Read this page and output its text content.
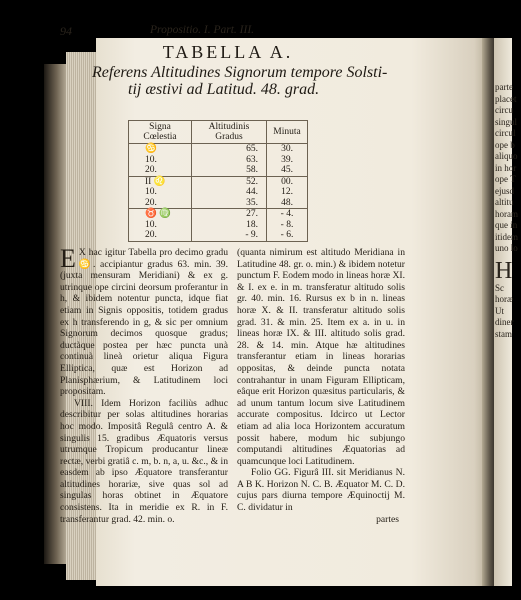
parte
placet
circu
singul
circul
ope b
aliquo
in hor
ope T
ejusd
altitu
horam
que in
itidem
uno lo
H
Sc
horæ
Ut
diner
stam
94	Propositio. I. Part. III.
TABELLA A.
Referens Altitudines Signorum tempore Solsti-
tij æstivi ad Latitud. 48. grad.
Signa Cœlestia	Altitudinis Gradus	Minuta
♋	65.	30.
10.	63.	39.
20.	58.	45.
II ♌	52.	00.
10.	44.	12.
20.	35.	48.
♉ ♍	27.	- 4.
10.	18.	- 8.
20.	- 9.	- 6.

E X hac igitur Tabella pro decimo gradu ♋. accipiantur gradus 63. min. 39. (juxta mensuram Meridiani) & ex g. utrinque ope circini deorsum proferantur in h, & ibidem notentur puncta, idque fiat etiam in Signis oppositis, totidem gradus ex h transferendo in g, & sic per omnium Signorum decimos quosque gradus; ductàque postea per hæc puncta unà continuà lineà orietur aliqua Figura Elliptica, quæ est Horizon ad Planisphærium, & Latitudinem loci propositam.

VIII. Idem Horizon faciliùs adhuc describitur per solas altitudines horarias hoc modo. Impositâ Regulâ centro A. & singulis 15. gradibus Æquatoris versus utrumque Tropicum producantur lineæ rectæ, verbi gratiâ c. m, b. n, a, u. &c., & in easdem ab ipso Æquatore transferantur altitudines horariæ, sive quas sol ad singulas horas obtinet in Æquatore consistens. Ita in meridie ex R. in F. transferantur grad. 42. min. o.

(quanta nimirum est altitudo Meridiana in Latitudine 48. gr. o. min.) & ibidem notetur punctum F. Eodem modo in lineas horæ XI. & I. ex e. in m. transferatur altitudo solis gr. 40. min. 16. Rursus ex b in n. lineas horæ X. & II. transferatur altitudo solis grad. 31. & min. 25. Item ex a. in u. in lineas horæ IX. & III. altitudo solis grad. 28. & 14. min. Atque hæ altitudines transferantur etiam in lineas horarias oppositas, & deinde puncta notata contrahantur in unam Figuram Ellipticam, eâque erit Horizon quæsitus particularis, & ad unum tantum locum sive Latitudinem accurate compositus. Idcirco ut Lector etiam ad alia loca Horizontem accuratum possit habere, modum hic subjungo computandi altitudines Æquatorias ad quamcunque loci Latitudinem.

Folio GG. Figurâ III. sit Meridianus N. A B K. Horizon N. C. B. Æquator M. C. D. cujus pars diurna tempore Æquinoctij M. C. dividatur in

partes
